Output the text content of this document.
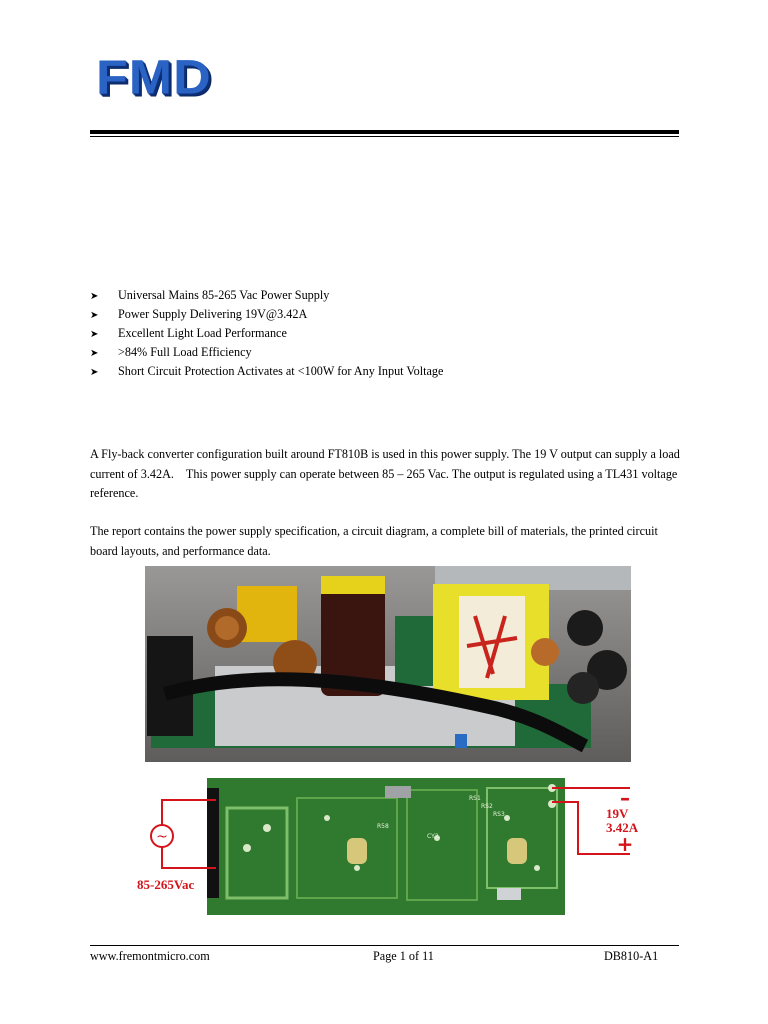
FMD
➤ Universal Mains 85-265 Vac Power Supply
➤ Power Supply Delivering 19V@3.42A
➤ Excellent Light Load Performance
➤ >84% Full Load Efficiency
➤ Short Circuit Protection Activates at <100W for Any Input Voltage

A Fly-back converter configuration built around FT810B is used in this power supply. The 19 V output can supply a load current of 3.42A.    This power supply can operate between 85 – 265 Vac. The output is regulated using a TL431 voltage reference.

The report contains the power supply specification, a circuit diagram, a complete bill of materials, the printed circuit board layouts, and performance data.

RS1
RS2
RS3
CY2
R58
~
–
+
85-265Vac
19V
3.42A
www.fremontmicro.com	Page 1 of 11	DB810-A1
